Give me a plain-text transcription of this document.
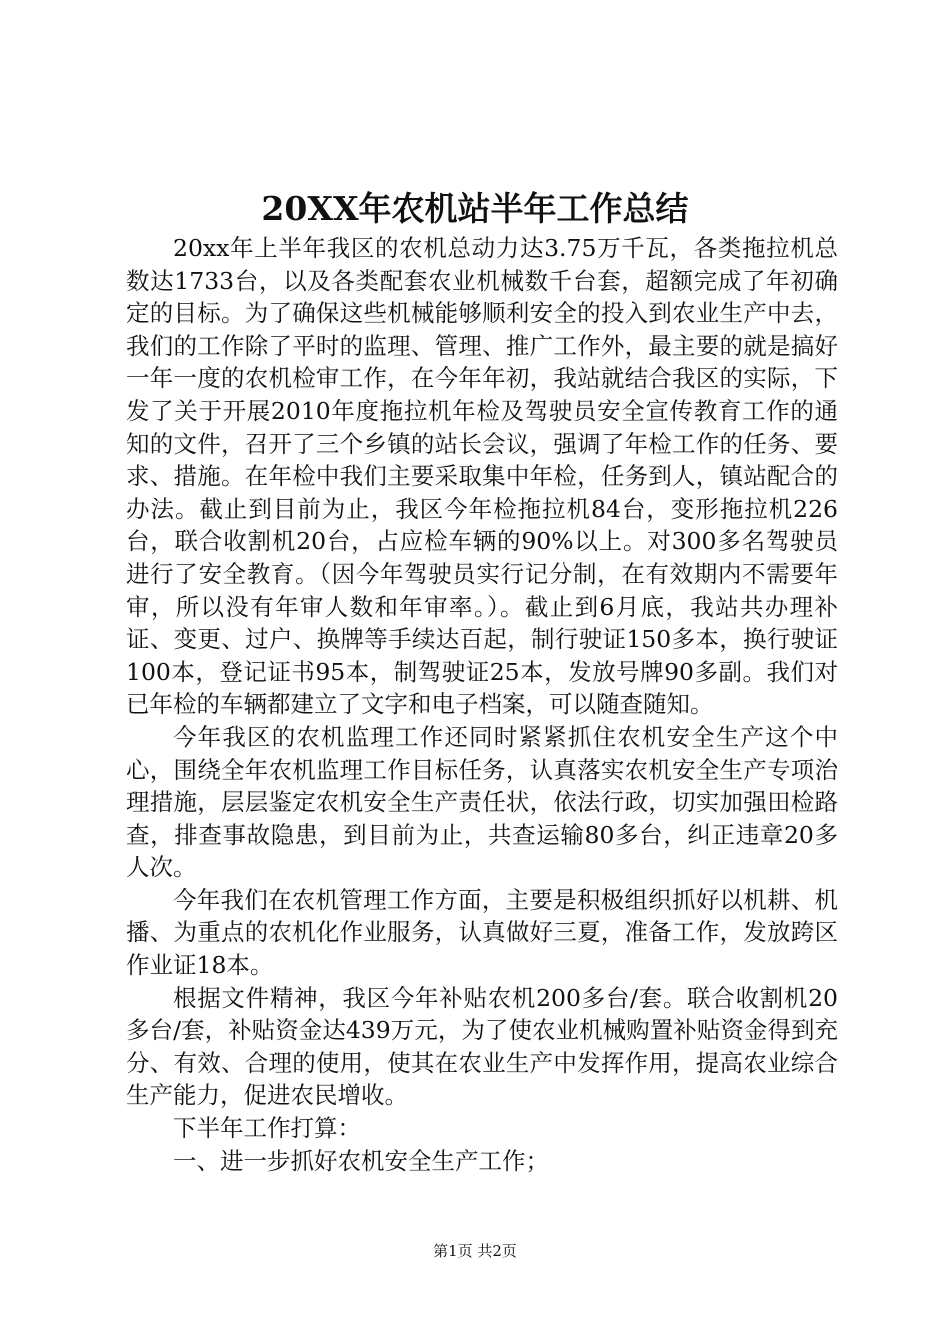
20XX年农机站半年工作总结

20xx年上半年我区的农机总动力达3.75万千瓦，各类拖拉机总数达1733台，以及各类配套农业机械数千台套，超额完成了年初确定的目标。为了确保这些机械能够顺利安全的投入到农业生产中去，我们的工作除了平时的监理、管理、推广工作外，最主要的就是搞好一年一度的农机检审工作，在今年年初，我站就结合我区的实际，下发了关于开展2010年度拖拉机年检及驾驶员安全宣传教育工作的通知的文件，召开了三个乡镇的站长会议，强调了年检工作的任务、要求、措施。在年检中我们主要采取集中年检，任务到人，镇站配合的办法。截止到目前为止，我区今年检拖拉机84台，变形拖拉机226台，联合收割机20台，占应检车辆的90%以上。对300多名驾驶员进行了安全教育。（因今年驾驶员实行记分制，在有效期内不需要年审，所以没有年审人数和年审率。）。截止到6月底，我站共办理补证、变更、过户、换牌等手续达百起，制行驶证150多本，换行驶证100本，登记证书95本，制驾驶证25本，发放号牌90多副。我们对已年检的车辆都建立了文字和电子档案，可以随查随知。

今年我区的农机监理工作还同时紧紧抓住农机安全生产这个中心，围绕全年农机监理工作目标任务，认真落实农机安全生产专项治理措施，层层鉴定农机安全生产责任状，依法行政，切实加强田检路查，排查事故隐患，到目前为止，共查运输80多台，纠正违章20多人次。

今年我们在农机管理工作方面，主要是积极组织抓好以机耕、机播、为重点的农机化作业服务，认真做好三夏，准备工作，发放跨区作业证18本。

根据文件精神，我区今年补贴农机200多台/套。联合收割机20多台/套，补贴资金达439万元，为了使农业机械购置补贴资金得到充分、有效、合理的使用，使其在农业生产中发挥作用，提高农业综合生产能力，促进农民增收。

下半年工作打算：

一、进一步抓好农机安全生产工作；

第1页 共2页
